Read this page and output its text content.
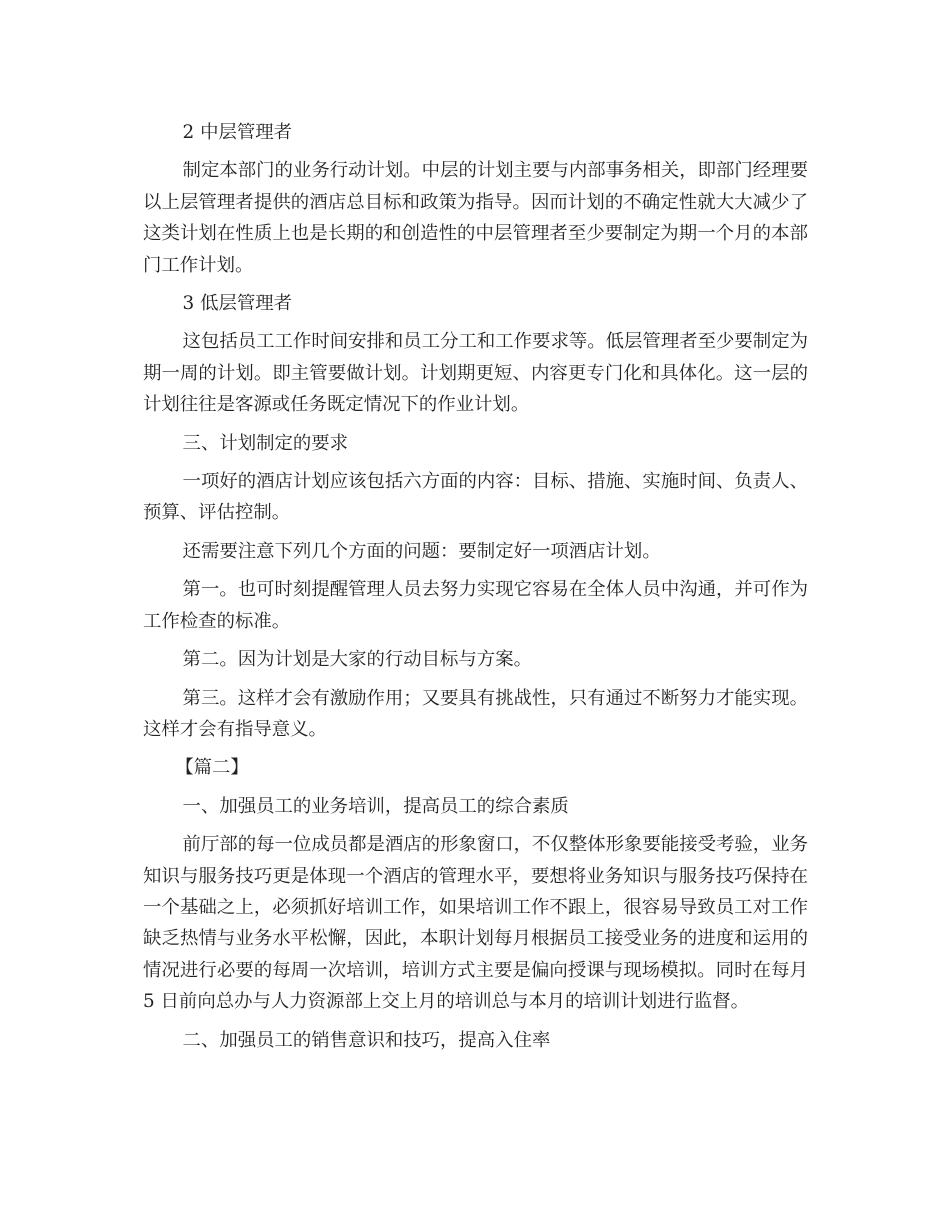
2 中层管理者

制定本部门的业务行动计划。中层的计划主要与内部事务相关，即部门经理要以上层管理者提供的酒店总目标和政策为指导。因而计划的不确定性就大大减少了这类计划在性质上也是长期的和创造性的中层管理者至少要制定为期一个月的本部门工作计划。

3 低层管理者

这包括员工工作时间安排和员工分工和工作要求等。低层管理者至少要制定为期一周的计划。即主管要做计划。计划期更短、内容更专门化和具体化。这一层的计划往往是客源或任务既定情况下的作业计划。

三、计划制定的要求

一项好的酒店计划应该包括六方面的内容：目标、措施、实施时间、负责人、预算、评估控制。

还需要注意下列几个方面的问题：要制定好一项酒店计划。

第一。也可时刻提醒管理人员去努力实现它容易在全体人员中沟通，并可作为工作检查的标准。

第二。因为计划是大家的行动目标与方案。

第三。这样才会有激励作用；又要具有挑战性，只有通过不断努力才能实现。这样才会有指导意义。

【篇二】

一、加强员工的业务培训，提高员工的综合素质

前厅部的每一位成员都是酒店的形象窗口，不仅整体形象要能接受考验，业务知识与服务技巧更是体现一个酒店的管理水平，要想将业务知识与服务技巧保持在一个基础之上，必须抓好培训工作，如果培训工作不跟上，很容易导致员工对工作缺乏热情与业务水平松懈，因此，本职计划每月根据员工接受业务的进度和运用的情况进行必要的每周一次培训，培训方式主要是偏向授课与现场模拟。同时在每月 5 日前向总办与人力资源部上交上月的培训总与本月的培训计划进行监督。

二、加强员工的销售意识和技巧，提高入住率
